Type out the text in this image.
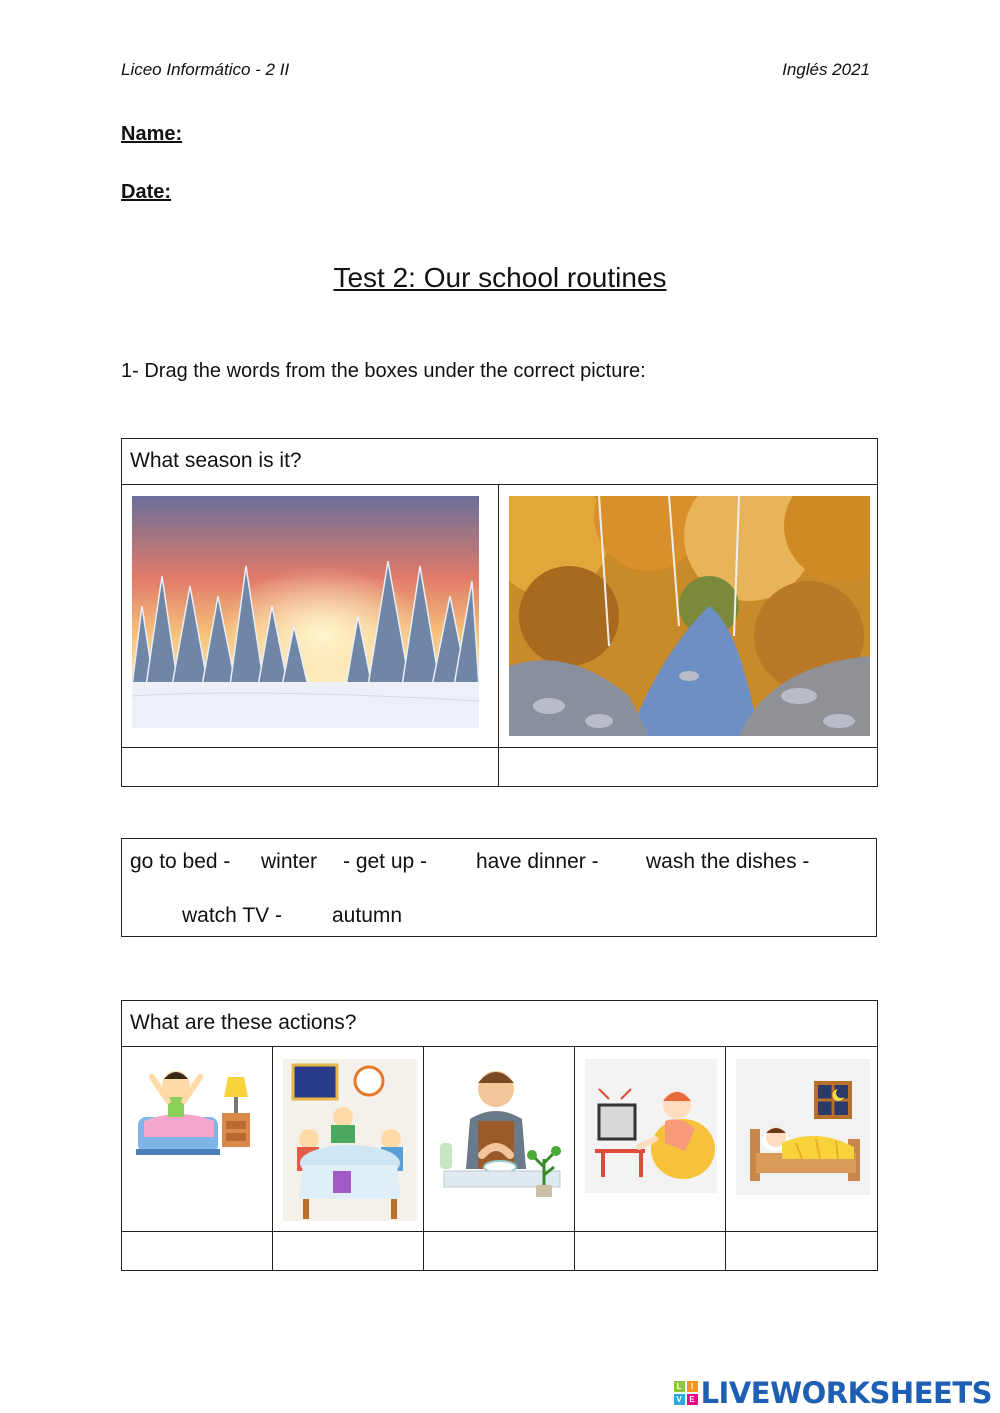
Liceo Informático - 2 II	Inglés 2021
Name:
Date:
Test 2: Our school routines
1- Drag the words from the boxes under the correct picture:
What season is it?	

go to bed - winter - get up - have dinner - wash the dishes -
watch TV - autumn
What are these actions?				

L	I
V E LIVEWORKSHEETS
